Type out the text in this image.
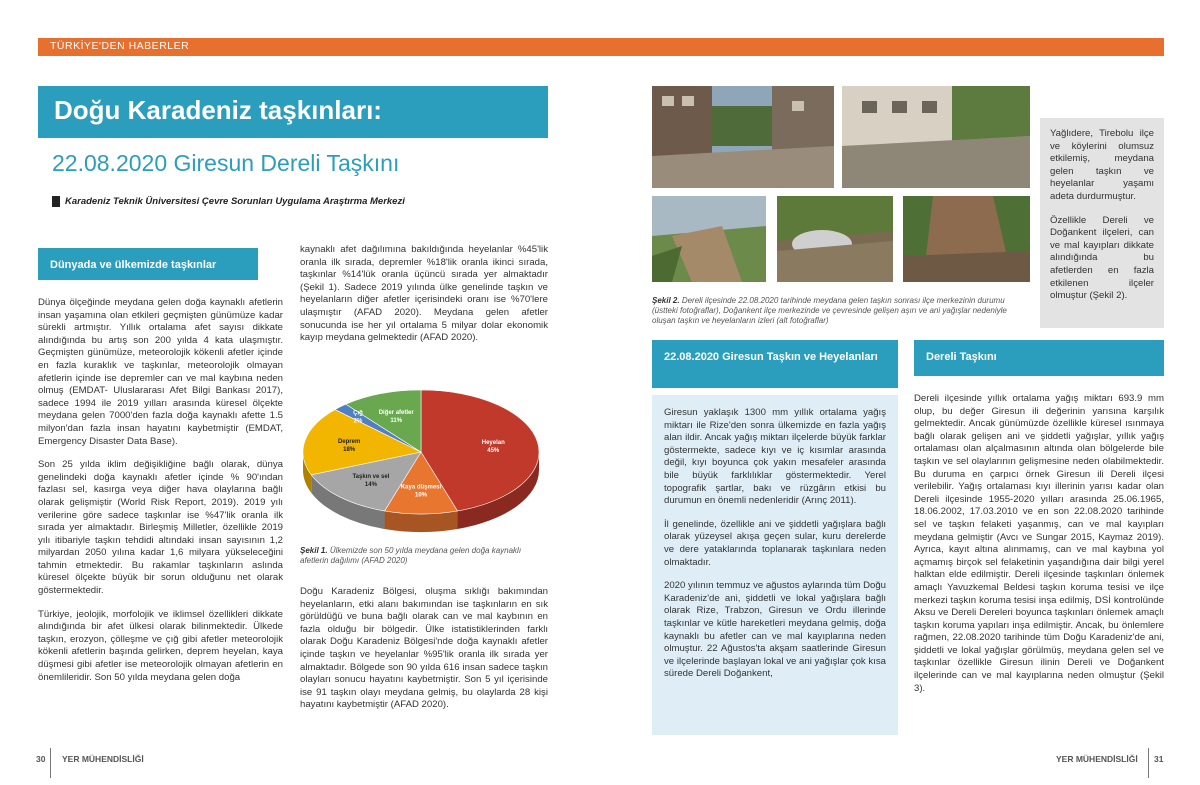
TÜRKİYE'DEN HABERLER
Doğu Karadeniz taşkınları:
22.08.2020 Giresun Dereli Taşkını
Karadeniz Teknik Üniversitesi Çevre Sorunları Uygulama Araştırma Merkezi
Dünyada ve ülkemizde taşkınlar

Dünya ölçeğinde meydana gelen doğa kaynaklı afetlerin insan yaşamına olan etkileri geçmişten günümüze kadar sürekli artmıştır. Yıllık ortalama afet sayısı dikkate alındığında bu artış son 200 yılda 4 kata ulaşmıştır. Geçmişten günümüze, meteorolojik kökenli afetler içinde en fazla kuraklık ve taşkınlar, meteorolojik olmayan afetlerin içinde ise depremler can ve mal kaybına neden olmuş (EMDAT- Uluslararası Afet Bilgi Bankası 2017), sadece 1994 ile 2019 yılları arasında küresel ölçekte meydana gelen 7000'den fazla doğa kaynaklı afette 1.5 milyon'dan fazla insan hayatını kaybetmiştir (EMDAT, Emergency Disaster Data Base).

Son 25 yılda iklim değişikliğine bağlı olarak, dünya genelindeki doğa kaynaklı afetler içinde % 90'ından fazlası sel, kasırga veya diğer hava olaylarına bağlı olarak gelişmiştir (World Risk Report, 2019). 2019 yılı verilerine göre sadece taşkınlar ise %47'lik oranla ilk sırada yer almaktadır. Birleşmiş Milletler, özellikle 2019 yılı itibariyle taşkın tehdidi altındaki insan sayısının 1,2 milyardan 2050 yılına kadar 1,6 milyara yükseleceğini tahmin etmektedir. Bu rakamlar taşkınların aslında küresel ölçekte büyük bir sorun olduğunu net olarak göstermektedir.

Türkiye, jeolojik, morfolojik ve iklimsel özellikleri dikkate alındığında bir afet ülkesi olarak bilinmektedir. Ülkede taşkın, erozyon, çölleşme ve çığ gibi afetler meteorolojik kökenli afetlerin başında gelirken, deprem heyelan, kaya düşmesi gibi afetler ise meteorolojik olmayan afetlerin en önemlileridir. Son 50 yılda meydana gelen doğa

kaynaklı afet dağılımına bakıldığında heyelanlar %45'lik oranla ilk sırada, depremler %18'lik oranla ikinci sırada, taşkınlar %14'lük oranla üçüncü sırada yer almaktadır (Şekil 1). Sadece 2019 yılında ülke genelinde taşkın ve heyelanların diğer afetler içerisindeki oranı ise %70'lere ulaşmıştır (AFAD 2020). Meydana gelen afetler sonucunda ise her yıl ortalama 5 milyar dolar ekonomik kayıp meydana gelmektedir (AFAD 2020).

Heyelan
45%
Kaya düşmesi
10%
Taşkın ve sel
14%
Deprem
18%
Çığ
2%
Diğer afetler
11%
Şekil 1. Ülkemizde son 50 yılda meydana gelen doğa kaynaklı afetlerin dağılımı (AFAD 2020)

Doğu Karadeniz Bölgesi, oluşma sıklığı bakımından heyelanların, etki alanı bakımından ise taşkınların en sık görüldüğü ve buna bağlı olarak can ve mal kaybının en fazla olduğu bir bölgedir. Ülke istatistiklerinden farklı olarak Doğu Karadeniz Bölgesi'nde doğa kaynaklı afetler içinde taşkın ve heyelanlar %95'lik oranla ilk sırada yer almaktadır. Bölgede son 90 yılda 616 insan sadece taşkın olayları sonucu hayatını kaybetmiştir. Son 5 yıl içerisinde ise 91 taşkın olayı meydana gelmiş, bu olaylarda 28 kişi hayatını kaybetmiştir (AFAD 2020).

Şekil 2. Dereli ilçesinde 22.08.2020 tarihinde meydana gelen taşkın sonrası ilçe merkezinin durumu (üstteki fotoğraflar), Doğankent ilçe merkezinde ve çevresinde gelişen aşırı ve ani yağışlar nedeniyle oluşan taşkın ve heyelanların izleri (alt fotoğraflar)

Yağlıdere, Tirebolu ilçe ve köylerini olumsuz etkilemiş, meydana gelen taşkın ve heyelanlar yaşamı adeta durdurmuştur.

Özellikle Dereli ve Doğankent ilçeleri, can ve mal kayıpları dikkate alındığında bu afetlerden en fazla etkilenen ilçeler olmuştur (Şekil 2).

22.08.2020 Giresun Taşkın ve Heyelanları

Giresun yaklaşık 1300 mm yıllık ortalama yağış miktarı ile Rize'den sonra ülkemizde en fazla yağış alan ildir. Ancak yağış miktarı ilçelerde büyük farklar göstermekte, sadece kıyı ve iç kısımlar arasında değil, kıyı boyunca çok yakın mesafeler arasında bile büyük farklılıklar göstermektedir. Yerel topografik şartlar, bakı ve rüzgârın etkisi bu durumun en önemli nedenleridir (Arınç 2011).

İl genelinde, özellikle ani ve şiddetli yağışlara bağlı olarak yüzeysel akışa geçen sular, kuru derelerde ve dere yataklarında toplanarak taşkınlara neden olmaktadır.

2020 yılının temmuz ve ağustos aylarında tüm Doğu Karadeniz'de ani, şiddetli ve lokal yağışlara bağlı olarak Rize, Trabzon, Giresun ve Ordu illerinde taşkınlar ve kütle hareketleri meydana gelmiş, doğa kaynaklı bu afetler can ve mal kayıplarına neden olmuştur. 22 Ağustos'ta akşam saatlerinde Giresun ve ilçelerinde başlayan lokal ve ani yağışlar çok kısa sürede Dereli Doğankent,

Dereli Taşkını

Dereli ilçesinde yıllık ortalama yağış miktarı 693.9 mm olup, bu değer Giresun ili değerinin yarısına karşılık gelmektedir. Ancak günümüzde özellikle küresel ısınmaya bağlı olarak gelişen ani ve şiddetli yağışlar, yıllık yağış ortalaması olan alçalmasının altında olan bölgelerde bile taşkın ve sel olaylarının gelişmesine neden olabilmektedir. Bu duruma en çarpıcı örnek Giresun ili Dereli ilçesi verilebilir. Yağış ortalaması kıyı illerinin yarısı kadar olan Dereli ilçesinde 1955-2020 yılları arasında 25.06.1965, 18.06.2002, 17.03.2010 ve en son 22.08.2020 tarihinde sel ve taşkın felaketi yaşanmış, can ve mal kayıpları meydana gelmiştir (Avcı ve Sungar 2015, Kaymaz 2019). Ayrıca, kayıt altına alınmamış, can ve mal kaybına yol açmamış birçok sel felaketinin yaşandığına dair bilgi yerel halktan elde edilmiştir. Dereli ilçesinde taşkınları önlemek amaçlı Yavuzkemal Beldesi taşkın koruma tesisi ve ilçe merkezi taşkın koruma tesisi inşa edilmiş, DSİ kontrolünde Aksu ve Dereli Dereleri boyunca taşkınları önlemek amaçlı taşkın koruma yapıları inşa edilmiştir. Ancak, bu önlemlere rağmen, 22.08.2020 tarihinde tüm Doğu Karadeniz'de ani, şiddetli ve lokal yağışlar görülmüş, meydana gelen sel ve taşkınlar özellikle Giresun ilinin Dereli ve Doğankent ilçelerinde can ve mal kayıplarına neden olmuştur (Şekil 3).

30 YER MÜHENDİSLİĞİ	YER MÜHENDİSLİĞİ 31
